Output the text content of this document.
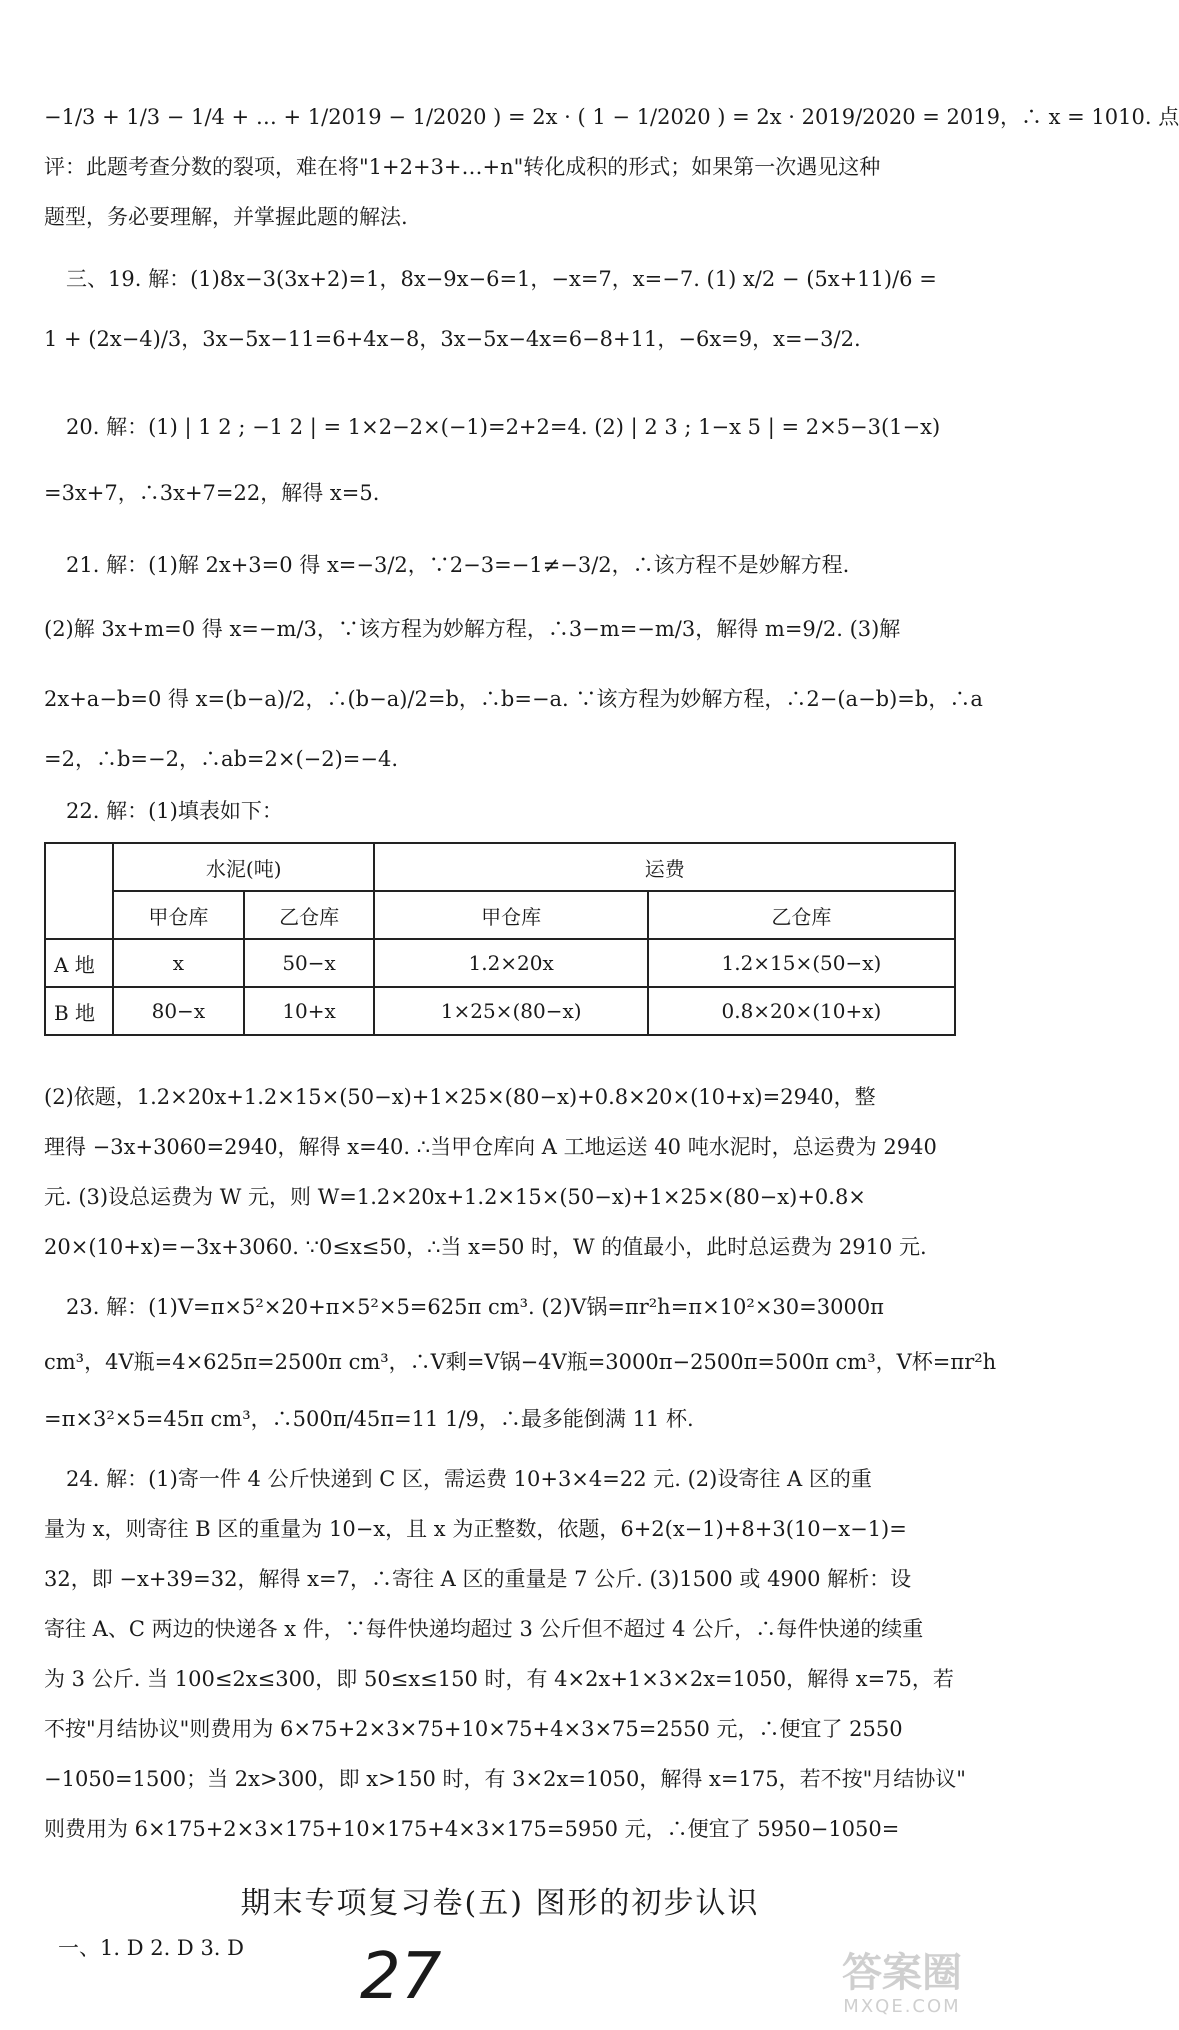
−1/3 + 1/3 − 1/4 + … + 1/2019 − 1/2020 ) = 2x · ( 1 − 1/2020 ) = 2x · 2019/2020 = 2019，∴ x = 1010. 点
评：此题考查分数的裂项，难在将"1+2+3+…+n"转化成积的形式；如果第一次遇见这种
题型，务必要理解，并掌握此题的解法.
三、19. 解：(1)8x−3(3x+2)=1，8x−9x−6=1，−x=7，x=−7. (1) x/2 − (5x+11)/6 =
1 + (2x−4)/3，3x−5x−11=6+4x−8，3x−5x−4x=6−8+11，−6x=9，x=−3/2.
20. 解：(1) | 1 2 ; −1 2 | = 1×2−2×(−1)=2+2=4. (2) | 2 3 ; 1−x 5 | = 2×5−3(1−x)
=3x+7，∴3x+7=22，解得 x=5.
21. 解：(1)解 2x+3=0 得 x=−3/2，∵2−3=−1≠−3/2，∴该方程不是妙解方程.
(2)解 3x+m=0 得 x=−m/3，∵该方程为妙解方程，∴3−m=−m/3，解得 m=9/2. (3)解
2x+a−b=0 得 x=(b−a)/2，∴(b−a)/2=b，∴b=−a. ∵该方程为妙解方程，∴2−(a−b)=b，∴a
=2，∴b=−2，∴ab=2×(−2)=−4.
22. 解：(1)填表如下：
	水泥(吨)		运费	
	甲仓库	乙仓库	甲仓库	乙仓库
A 地	x	50−x	1.2×20x	1.2×15×(50−x)
B 地	80−x	10+x	1×25×(80−x)	0.8×20×(10+x)
(2)依题，1.2×20x+1.2×15×(50−x)+1×25×(80−x)+0.8×20×(10+x)=2940，整
理得 −3x+3060=2940，解得 x=40. ∴当甲仓库向 A 工地运送 40 吨水泥时，总运费为 2940
元. (3)设总运费为 W 元，则 W=1.2×20x+1.2×15×(50−x)+1×25×(80−x)+0.8×
20×(10+x)=−3x+3060. ∵0≤x≤50，∴当 x=50 时，W 的值最小，此时总运费为 2910 元.
23. 解：(1)V=π×5²×20+π×5²×5=625π cm³. (2)V锅=πr²h=π×10²×30=3000π
cm³，4V瓶=4×625π=2500π cm³，∴V剩=V锅−4V瓶=3000π−2500π=500π cm³，V杯=πr²h
=π×3²×5=45π cm³，∴500π/45π=11 1/9，∴最多能倒满 11 杯.
24. 解：(1)寄一件 4 公斤快递到 C 区，需运费 10+3×4=22 元. (2)设寄往 A 区的重
量为 x，则寄往 B 区的重量为 10−x，且 x 为正整数，依题，6+2(x−1)+8+3(10−x−1)=
32，即 −x+39=32，解得 x=7，∴寄往 A 区的重量是 7 公斤. (3)1500 或 4900 解析：设
寄往 A、C 两边的快递各 x 件，∵每件快递均超过 3 公斤但不超过 4 公斤，∴每件快递的续重
为 3 公斤. 当 100≤2x≤300，即 50≤x≤150 时，有 4×2x+1×3×2x=1050，解得 x=75，若
不按"月结协议"则费用为 6×75+2×3×75+10×75+4×3×75=2550 元，∴便宜了 2550
−1050=1500；当 2x>300，即 x>150 时，有 3×2x=1050，解得 x=175，若不按"月结协议"
则费用为 6×175+2×3×175+10×175+4×3×175=5950 元，∴便宜了 5950−1050=
期末专项复习卷(五) 图形的初步认识
一、1. D 2. D 3. D 27	答案圈
MXQE.COM
